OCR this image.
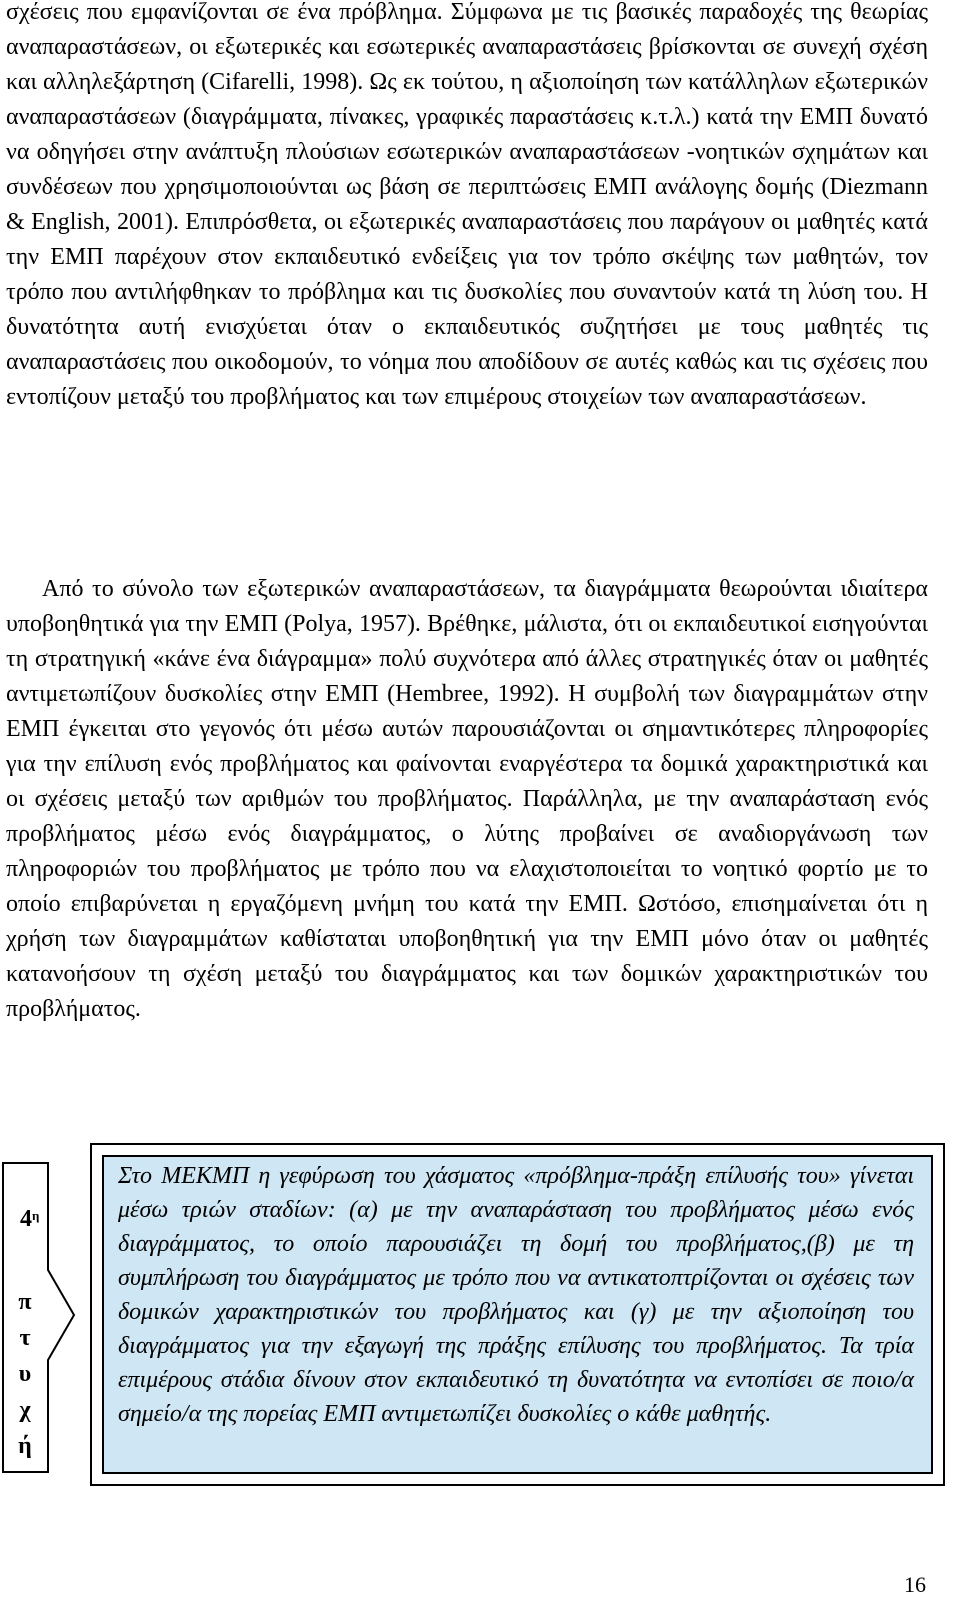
σχέσεις που εμφανίζονται σε ένα πρόβλημα. Σύμφωνα με τις βασικές παραδοχές της θεωρίας αναπαραστάσεων, οι εξωτερικές και εσωτερικές αναπαραστάσεις βρίσκονται σε συνεχή σχέση και αλληλεξάρτηση (Cifarelli, 1998). Ως εκ τούτου, η αξιοποίηση των κατάλληλων εξωτερικών αναπαραστάσεων (διαγράμματα, πίνακες, γραφικές παραστάσεις κ.τ.λ.) κατά την ΕΜΠ δυνατό να οδηγήσει στην ανάπτυξη πλούσιων εσωτερικών αναπαραστάσεων -νοητικών σχημάτων και συνδέσεων που χρησιμοποιούνται ως βάση σε περιπτώσεις ΕΜΠ ανάλογης δομής (Diezmann & English, 2001). Επιπρόσθετα, οι εξωτερικές αναπαραστάσεις που παράγουν οι μαθητές κατά την ΕΜΠ παρέχουν στον εκπαιδευτικό ενδείξεις για τον τρόπο σκέψης των μαθητών, τον τρόπο που αντιλήφθηκαν το πρόβλημα και τις δυσκολίες που συναντούν κατά τη λύση του. Η δυνατότητα αυτή ενισχύεται όταν ο εκπαιδευτικός συζητήσει με τους μαθητές τις αναπαραστάσεις που οικοδομούν, το νόημα που αποδίδουν σε αυτές καθώς και τις σχέσεις που εντοπίζουν μεταξύ του προβλήματος και των επιμέρους στοιχείων των αναπαραστάσεων.

Από το σύνολο των εξωτερικών αναπαραστάσεων, τα διαγράμματα θεωρούνται ιδιαίτερα υποβοηθητικά για την ΕΜΠ (Polya, 1957). Βρέθηκε, μάλιστα, ότι οι εκπαιδευτικοί εισηγούνται τη στρατηγική «κάνε ένα διάγραμμα» πολύ συχνότερα από άλλες στρατηγικές όταν οι μαθητές αντιμετωπίζουν δυσκολίες στην ΕΜΠ (Hembree, 1992). Η συμβολή των διαγραμμάτων στην ΕΜΠ έγκειται στο γεγονός ότι μέσω αυτών παρουσιάζονται οι σημαντικότερες πληροφορίες για την επίλυση ενός προβλήματος και φαίνονται εναργέστερα τα δομικά χαρακτηριστικά και οι σχέσεις μεταξύ των αριθμών του προβλήματος. Παράλληλα, με την αναπαράσταση ενός προβλήματος μέσω ενός διαγράμματος, ο λύτης προβαίνει σε αναδιοργάνωση των πληροφοριών του προβλήματος με τρόπο που να ελαχιστοποιείται το νοητικό φορτίο με το οποίο επιβαρύνεται η εργαζόμενη μνήμη του κατά την ΕΜΠ. Ωστόσο, επισημαίνεται ότι η χρήση των διαγραμμάτων καθίσταται υποβοηθητική για την ΕΜΠ μόνο όταν οι μαθητές κατανοήσουν τη σχέση μεταξύ του διαγράμματος και των δομικών χαρακτηριστικών του προβλήματος.

$4^\eta$
π
τ
υ
χ
ή

Στο ΜΕΚΜΠ η γεφύρωση του χάσματος «πρόβλημα-πράξη επίλυσής του» γίνεται μέσω τριών σταδίων: (α) με την αναπαράσταση του προβλήματος μέσω ενός διαγράμματος, το οποίο παρουσιάζει τη δομή του προβλήματος,(β) με τη συμπλήρωση του διαγράμματος με τρόπο που να αντικατοπτρίζονται οι σχέσεις των δομικών χαρακτηριστικών του προβλήματος και (γ) με την αξιοποίηση του διαγράμματος για την εξαγωγή της πράξης επίλυσης του προβλήματος. Τα τρία επιμέρους στάδια δίνουν στον εκπαιδευτικό τη δυνατότητα να εντοπίσει σε ποιο/α σημείο/α της πορείας ΕΜΠ αντιμετωπίζει δυσκολίες ο κάθε μαθητής.

16
